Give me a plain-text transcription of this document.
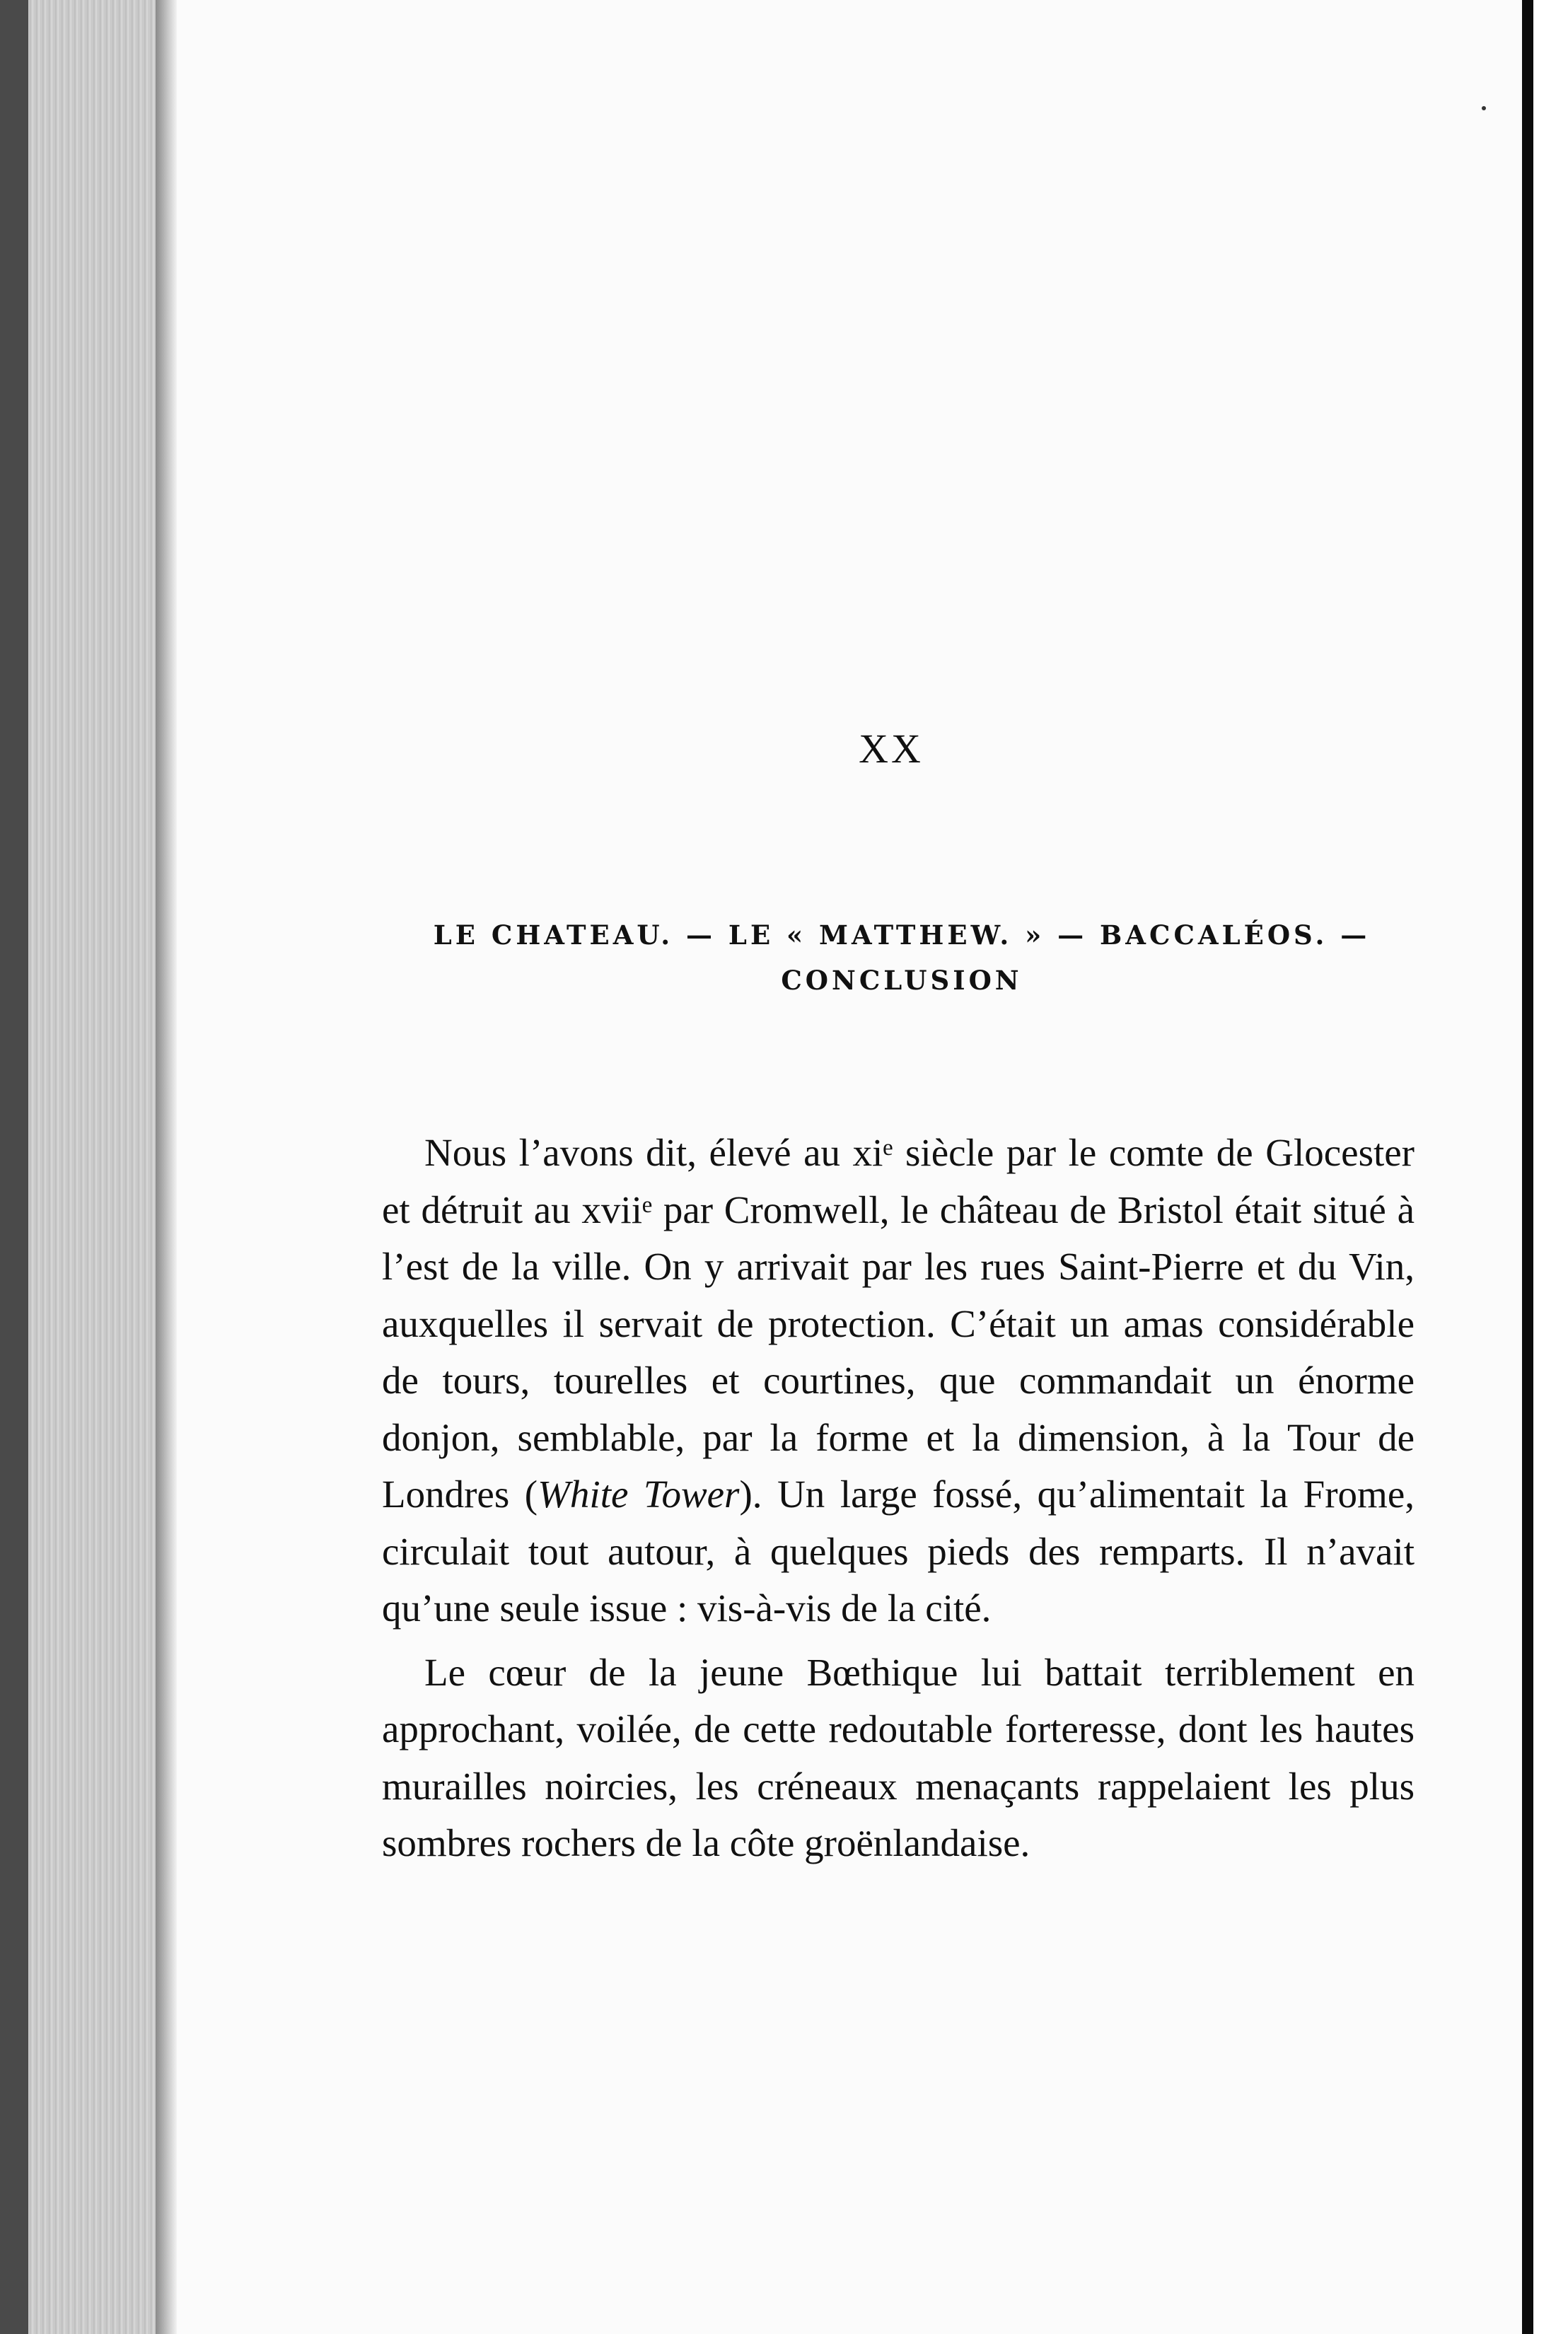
XX
LE CHATEAU. — LE « MATTHEW. » — BACCALÉOS. —
CONCLUSION

Nous l’avons dit, élevé au xiᵉ siècle par le comte de Glocester et détruit au xviiᵉ par Cromwell, le château de Bristol était situé à l’est de la ville. On y arrivait par les rues Saint-Pierre et du Vin, auxquelles il servait de protection. C’était un amas considérable de tours, tourelles et courtines, que commandait un énorme donjon, semblable, par la forme et la dimension, à la Tour de Londres (White Tower). Un large fossé, qu’alimentait la Frome, circulait tout autour, à quelques pieds des remparts. Il n’avait qu’une seule issue : vis-à-vis de la cité.

Le cœur de la jeune Bœthique lui battait terriblement en approchant, voilée, de cette redoutable forteresse, dont les hautes murailles noircies, les créneaux menaçants rappelaient les plus sombres rochers de la côte groënlandaise.
